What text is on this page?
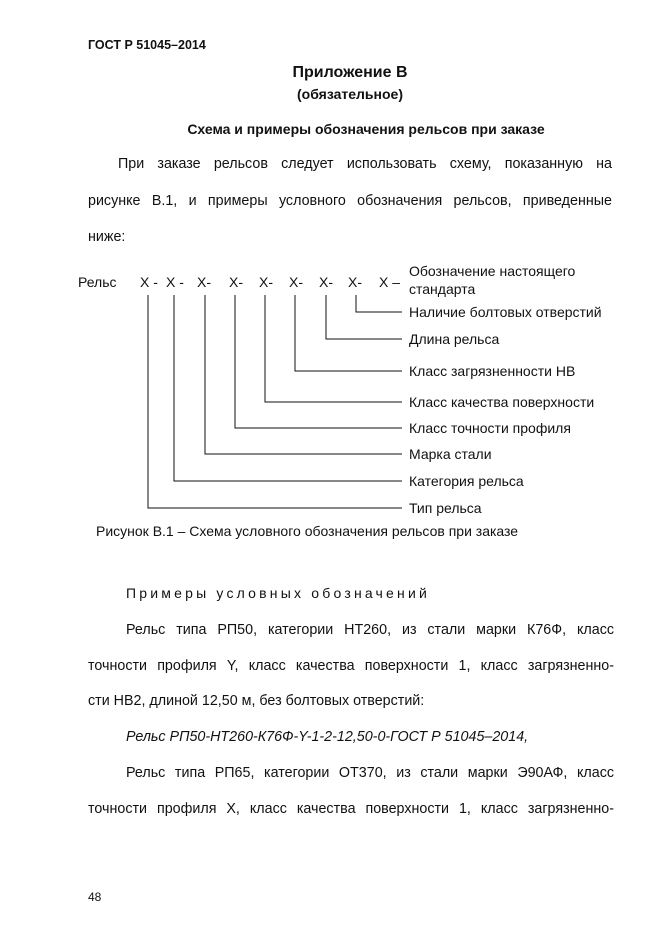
ГОСТ Р 51045–2014
Приложение В
(обязательное)
Схема и примеры обозначения рельсов при заказе
При заказе рельсов следует использовать схему, показанную на
рисунке В.1, и примеры условного обозначения рельсов, приведенные
ниже:
Рельс Х - Х - Х- Х- Х- Х- Х- Х- Х –
Обозначение настоящего
стандарта
Наличие болтовых отверстий
Длина рельса
Класс загрязненности НВ
Класс качества поверхности
Класс точности профиля
Марка стали
Категория рельса
Тип рельса
Рисунок В.1 – Схема условного обозначения рельсов при заказе
Примеры условных обозначений
Рельс типа РП50, категории НТ260, из стали марки К76Ф, класс
точности профиля Y, класс качества поверхности 1, класс загрязненно-
сти НВ2, длиной 12,50 м, без болтовых отверстий:
Рельс РП50-НТ260-К76Ф-Y-1-2-12,50-0-ГОСТ Р 51045–2014,
Рельс типа РП65, категории ОТ370, из стали марки Э90АФ, класс
точности профиля Х, класс качества поверхности 1, класс загрязненно-
48
